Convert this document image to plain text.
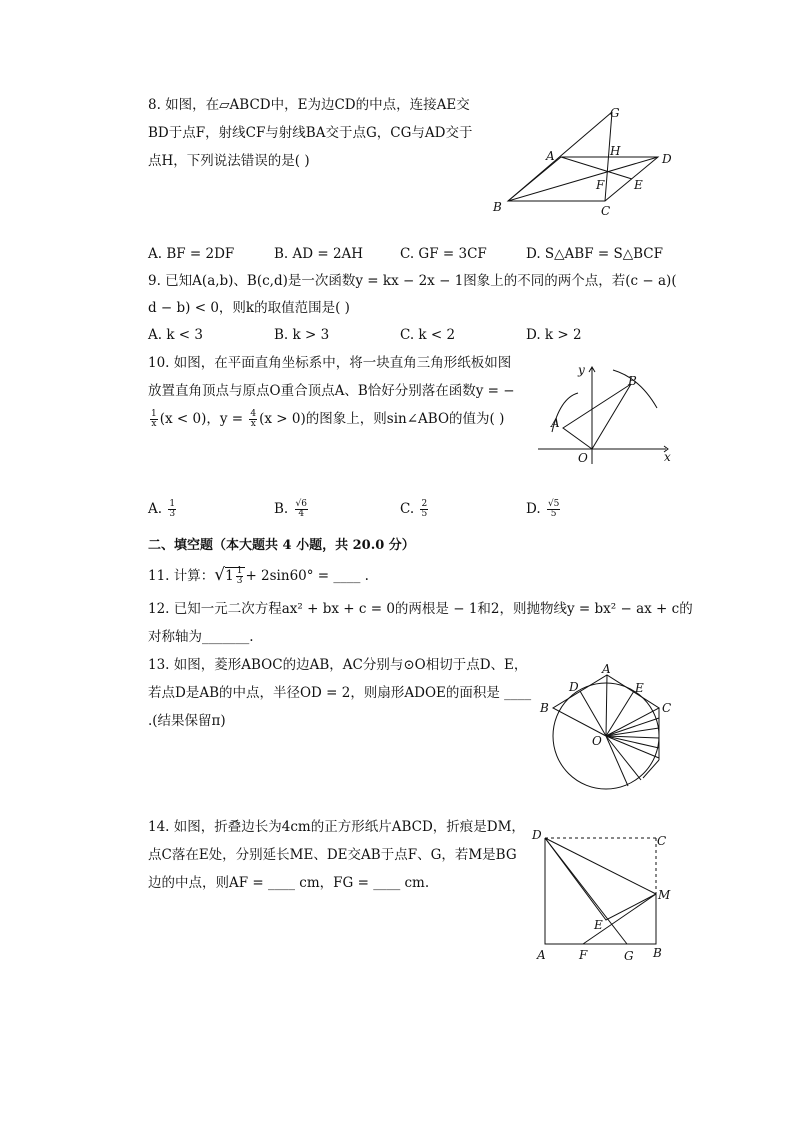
8. 如图，在▱ABCD中，E为边CD的中点，连接AE交
BD于点F，射线CF与射线BA交于点G，CG与AD交于
点H，下列说法错误的是( )
G
A	H
D
F E
B	C
A. BF = 2DF	B. AD = 2AH	C. GF = 3CF	D. S△ABF = S△BCF
9. 已知A(a,b)、B(c,d)是一次函数y = kx − 2x − 1图象上的不同的两个点，若(c − a)(
d − b) < 0，则k的取值范围是( )
A. k < 3	B. k > 3	C. k < 2	D. k > 2
10. 如图，在平面直角坐标系中，将一块直角三角形纸板如图
放置直角顶点与原点O重合顶点A、B恰好分别落在函数y = −
$\frac{1}{x} (x < 0)$，$y = \frac{4}{x} (x > 0)$的图象上，则sin∠ABO的值为( )
y
x
O
A
B
A. $\frac{1}{3}$	B. $\frac{√6}{4}$	C. $\frac{2}{5}$	D. $\frac{√5}{5}$
二、填空题（本大题共 4 小题，共 20.0 分）
11. 计算：$√1 \frac{1}{3} + 2\sin 60^\circ$ = ____ .
12. 已知一元二次方程ax² + bx + c = 0的两根是 − 1和2，则抛物线y = bx² − ax + c的
对称轴为_______.
13. 如图，菱形ABOC的边AB，AC分别与⊙O相切于点D、E，
若点D是AB的中点，半径OD = 2，则扇形ADOE的面积是 ____
.(结果保留π)
A
D	E
B	C
O
14. 如图，折叠边长为4cm的正方形纸片ABCD，折痕是DM，
点C落在E处，分别延长ME、DE交AB于点F、G，若M是BG
边的中点，则AF = ____ cm，FG = ____ cm.
D	C
M
E
A	F	G B
